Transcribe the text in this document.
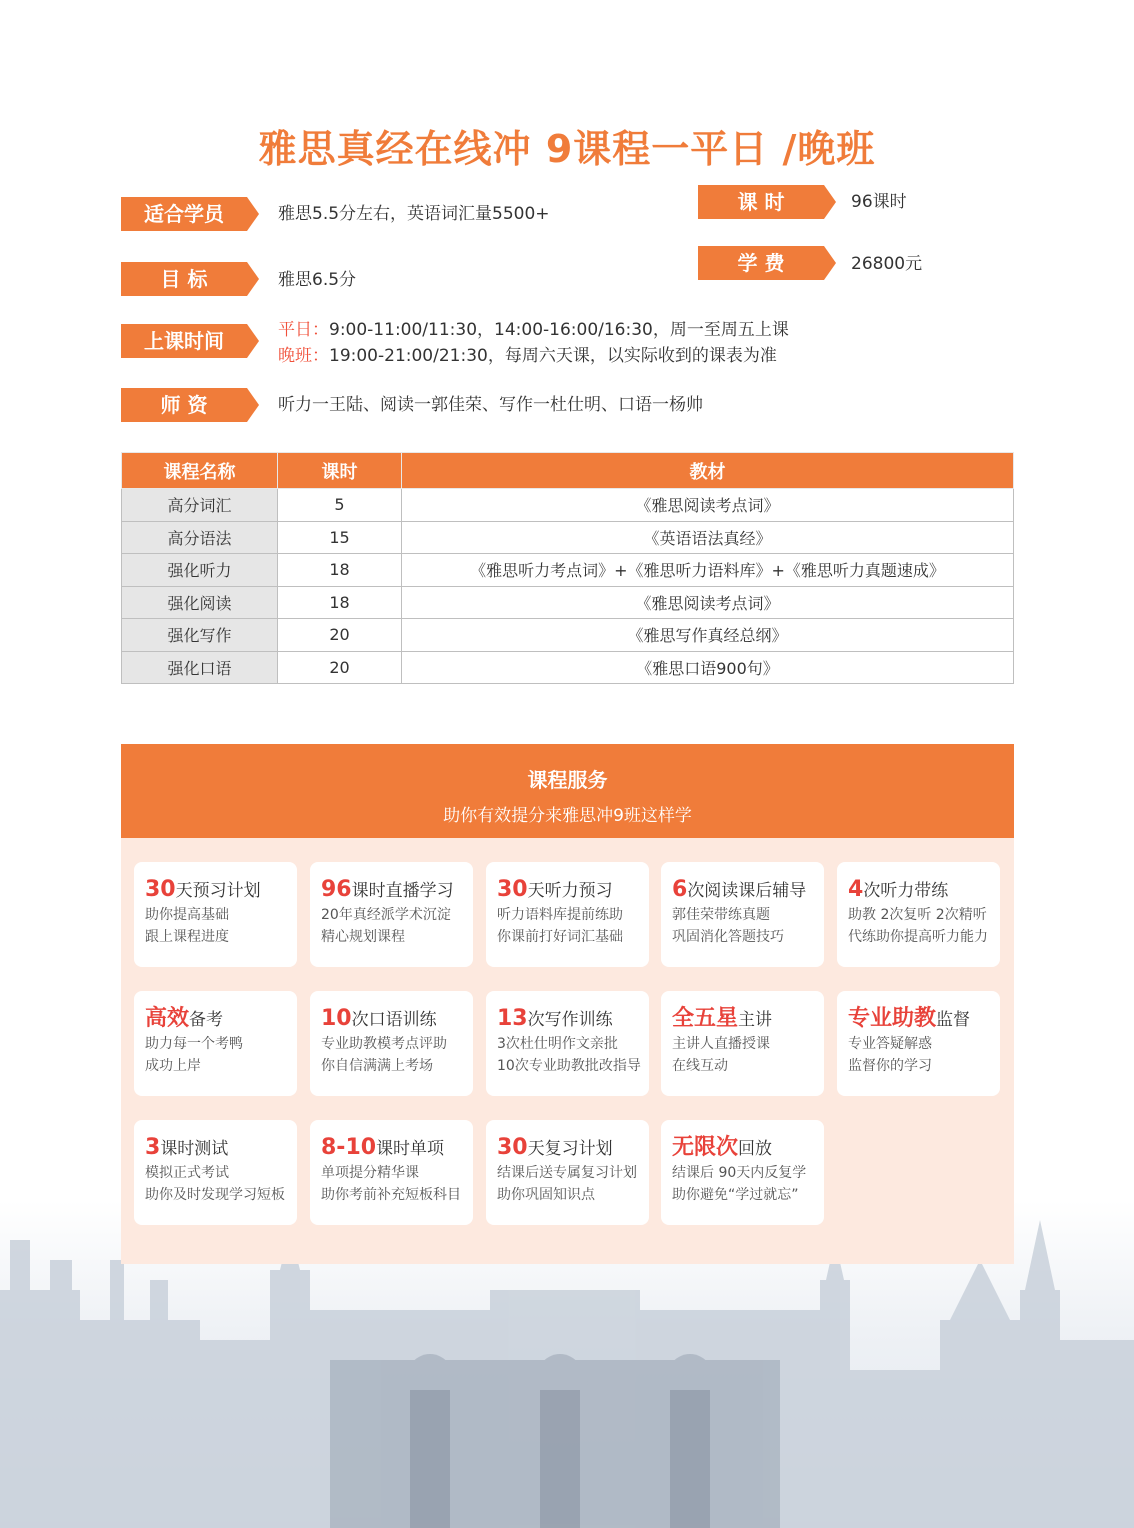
雅思真经在线冲 9课程一平日 /晚班
适合学员	雅思5.5分左右，英语词汇量5500+
目 标	雅思6.5分
上课时间	平日：9:00-11:00/11:30，14:00-16:00/16:30，周一至周五上课
晚班：19:00-21:00/21:30，每周六天课，以实际收到的课表为准
师 资	听力一王陆、阅读一郭佳荣、写作一杜仕明、口语一杨帅
课 时	96课时
学 费	26800元
课程名称	课时	教材
高分词汇	5	《雅思阅读考点词》
高分语法	15	《英语语法真经》
强化听力	18	《雅思听力考点词》+《雅思听力语料库》+《雅思听力真题速成》
强化阅读	18	《雅思阅读考点词》
强化写作	20	《雅思写作真经总纲》
强化口语	20	《雅思口语900句》
课程服务
助你有效提分来雅思冲9班这样学
30天预习计划
助你提高基础
跟上课程进度
96课时直播学习
20年真经派学术沉淀
精心规划课程
30天听力预习
听力语料库提前练助
你课前打好词汇基础
6次阅读课后辅导
郭佳荣带练真题
巩固消化答题技巧
4次听力带练
助教 2次复听 2次精听
代练助你提高听力能力
高效备考
助力每一个考鸭
成功上岸
10次口语训练
专业助教模考点评助
你自信满满上考场
13次写作训练
3次杜仕明作文亲批
10次专业助教批改指导
全五星主讲
主讲人直播授课
在线互动
专业助教监督
专业答疑解惑
监督你的学习
3课时测试
模拟正式考试
助你及时发现学习短板
8-10课时单项
单项提分精华课
助你考前补充短板科目
30天复习计划
结课后送专属复习计划
助你巩固知识点
无限次回放
结课后 90天内反复学
助你避免“学过就忘”
